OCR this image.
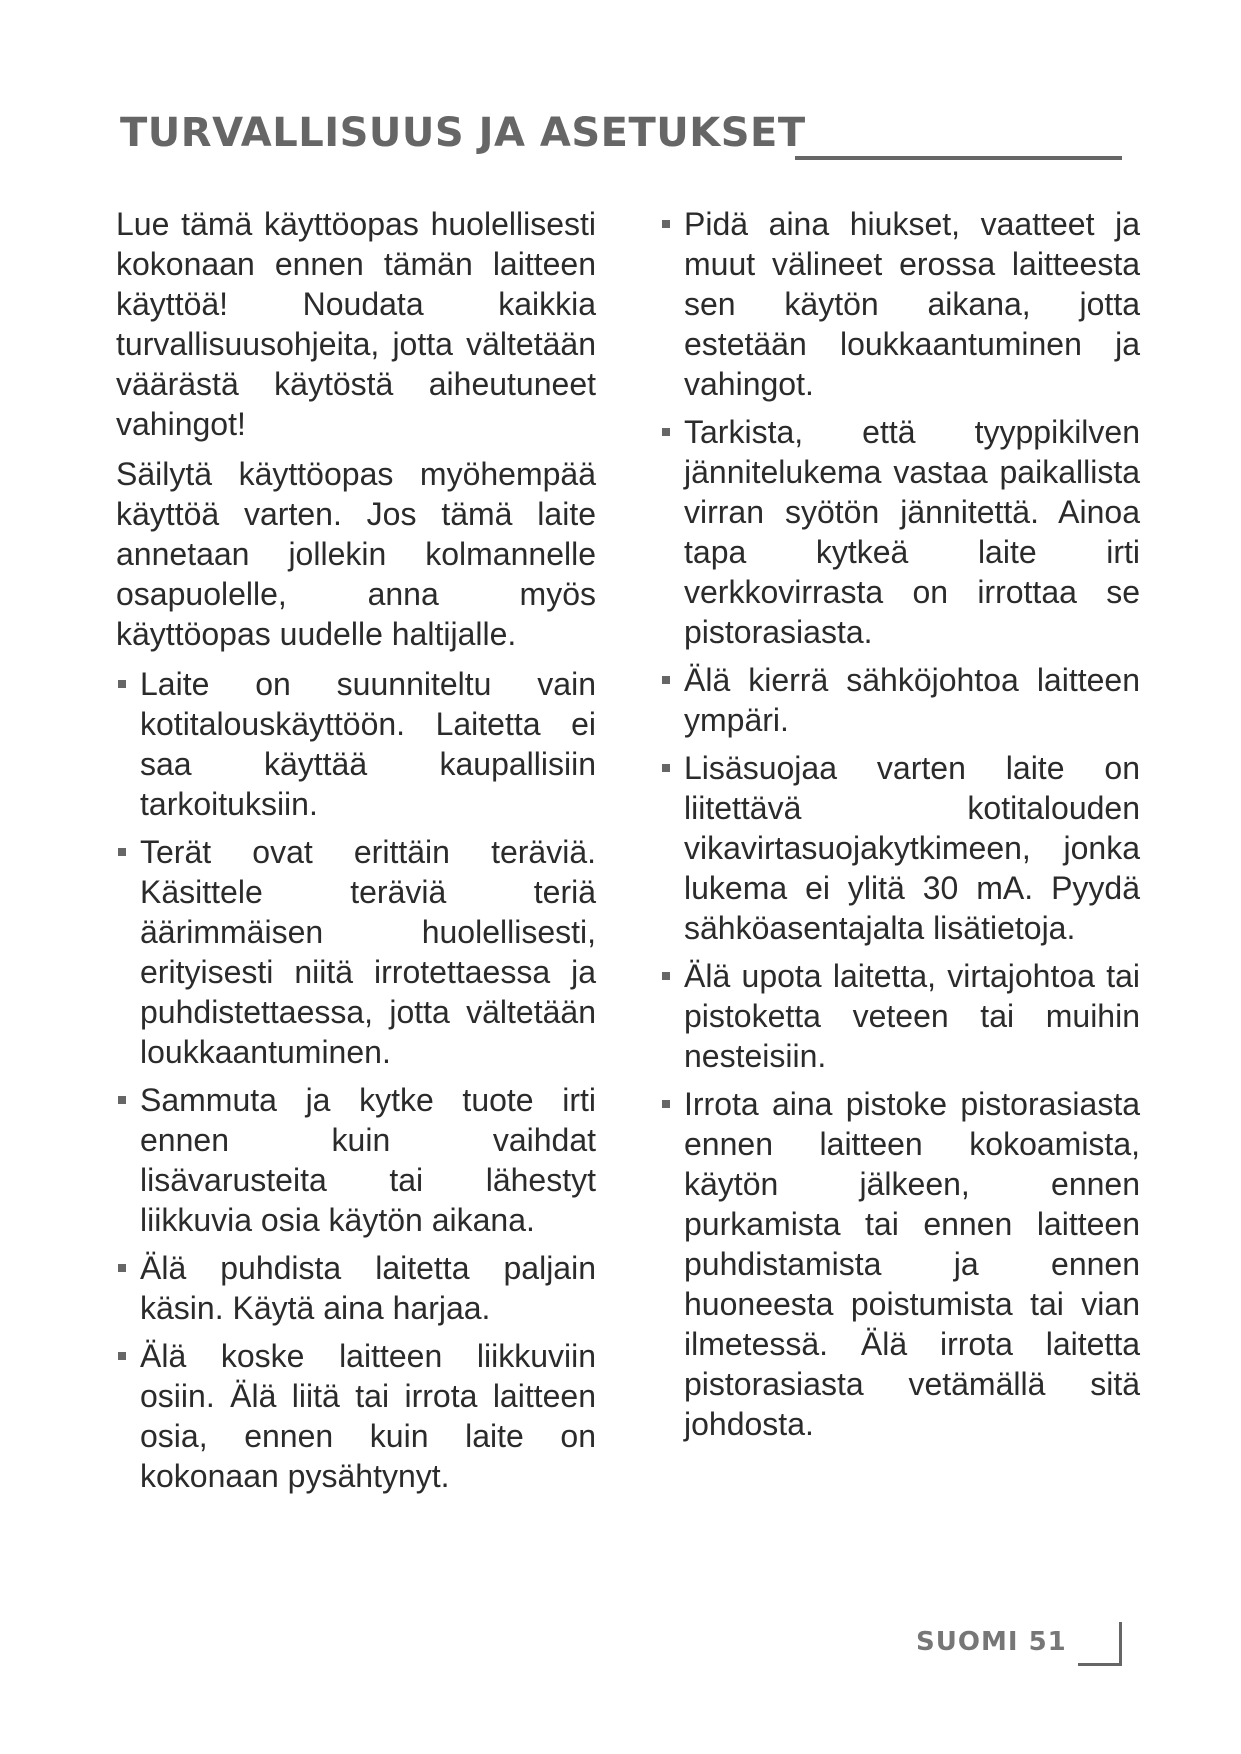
TURVALLISUUS JA ASETUKSET

Lue tämä käyttöopas huolellisesti kokonaan ennen tämän laitteen käyttöä! Noudata kaikkia turvallisuusohjeita, jotta vältetään väärästä käytöstä aiheutuneet vahingot!

Säilytä käyttöopas myöhempää käyttöä varten. Jos tämä laite annetaan jollekin kolmannelle osapuolelle, anna myös käyttöopas uudelle haltijalle.

Laite on suunniteltu vain kotitalouskäyttöön. Laitetta ei saa käyttää kaupallisiin tarkoituksiin.
Terät ovat erittäin teräviä. Käsittele teräviä teriä äärimmäisen huolellisesti, erityisesti niitä irrotettaessa ja puhdistettaessa, jotta vältetään loukkaantuminen.
Sammuta ja kytke tuote irti ennen kuin vaihdat lisävarusteita tai lähestyt liikkuvia osia käytön aikana.
Älä puhdista laitetta paljain käsin. Käytä aina harjaa.
Älä koske laitteen liikkuviin osiin. Älä liitä tai irrota laitteen osia, ennen kuin laite on kokonaan pysähtynyt.
Pidä aina hiukset, vaatteet ja muut välineet erossa laitteesta sen käytön aikana, jotta estetään loukkaantuminen ja vahingot.
Tarkista, että tyyppikilven jännitelukema vastaa paikallista virran syötön jännitettä. Ainoa tapa kytkeä laite irti verkkovirrasta on irrottaa se pistorasiasta.
Älä kierrä sähköjohtoa laitteen ympäri.
Lisäsuojaa varten laite on liitettävä kotitalouden vikavirtasuojakytkimeen, jonka lukema ei ylitä 30 mA. Pyydä sähköasentajalta lisätietoja.
Älä upota laitetta, virtajohtoa tai pistoketta veteen tai muihin nesteisiin.
Irrota aina pistoke pistorasiasta ennen laitteen kokoamista, käytön jälkeen, ennen purkamista tai ennen laitteen puhdistamista ja ennen huoneesta poistumista tai vian ilmetessä. Älä irrota laitetta pistorasiasta vetämällä sitä johdosta.
SUOMI 51
